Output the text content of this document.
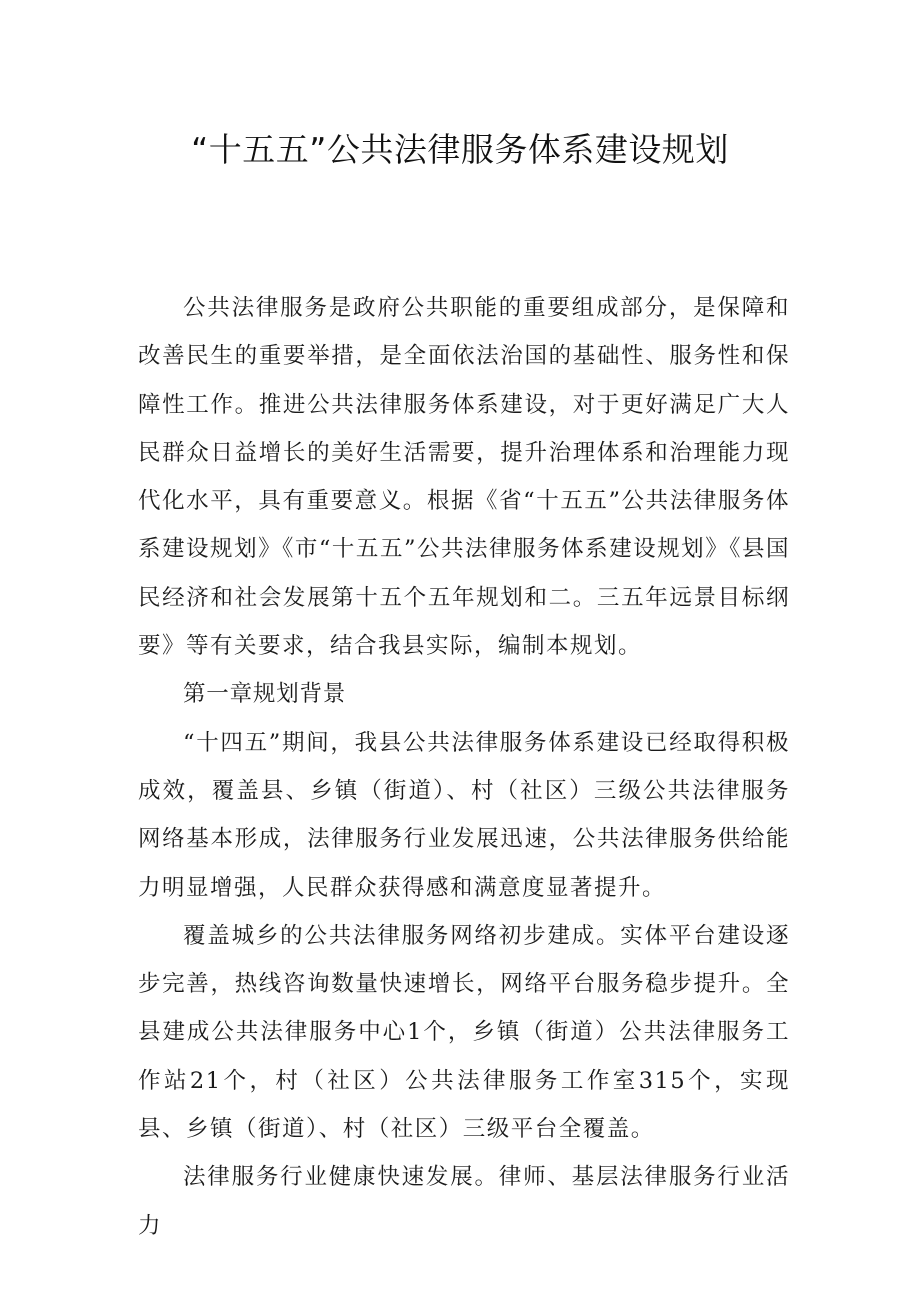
“十五五”公共法律服务体系建设规划

公共法律服务是政府公共职能的重要组成部分，是保障和改善民生的重要举措，是全面依法治国的基础性、服务性和保障性工作。推进公共法律服务体系建设，对于更好满足广大人民群众日益增长的美好生活需要，提升治理体系和治理能力现代化水平，具有重要意义。根据《省“十五五”公共法律服务体系建设规划》《市“十五五”公共法律服务体系建设规划》《县国民经济和社会发展第十五个五年规划和二。三五年远景目标纲要》等有关要求，结合我县实际，编制本规划。

第一章规划背景

“十四五”期间，我县公共法律服务体系建设已经取得积极成效，覆盖县、乡镇（街道）、村（社区）三级公共法律服务网络基本形成，法律服务行业发展迅速，公共法律服务供给能力明显增强，人民群众获得感和满意度显著提升。

覆盖城乡的公共法律服务网络初步建成。实体平台建设逐步完善，热线咨询数量快速增长，网络平台服务稳步提升。全县建成公共法律服务中心1个，乡镇（街道）公共法律服务工作站21个，村（社区）公共法律服务工作室315个，实现县、乡镇（街道）、村（社区）三级平台全覆盖。

法律服务行业健康快速发展。律师、基层法律服务行业活力
